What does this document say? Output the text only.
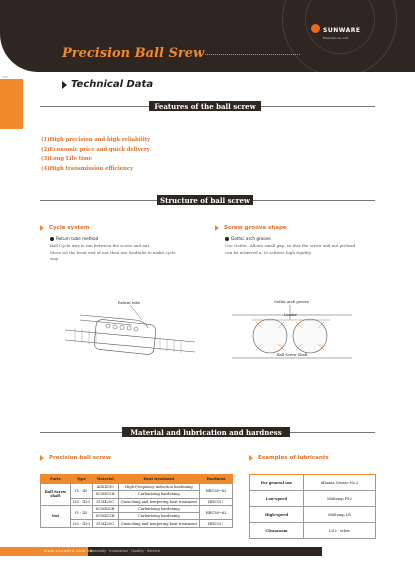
SUNWARE
Precision Co.,Ltd.
Precision Ball Srew
083
Technical Data
Features of the ball screw
(1)High precision and high reliability
(2)Economic price and quick delivery
(3)Long Life time
(4)High transmission efficiency
Structure of ball screw
Cycle system
Return tube method
Ball Cycle way is run between the screw and nut.
Move tol the front end of nut then use loadtube to make cycle
way.
Screw groove shape
Gothic arch groove
Use Gothic, Allows small gap, so that the screw and nut preload
can be achieved a, to achieve high rigidity.
Return tube	Gothic arch groove
Leader
Ball Screw Shaft
Material and lubrication and hardness
Precision ball screw	Examples of lubricants
Parts	Type	Material	Heat treatment	Hardness
Ball Screw shaft	I5 - II5	AISI4150	High-Frequency induction hardening	HRC58~62
		SCM415H	Carburizing hardening	
	I20 - II20	SUS420C	Quenching and tempering heat treatment	HRC55↑
Nut	I5 - II5	SCM420H	Carburizing hardening	HRC58~62
		SCM415H	Carburizing hardening	
	I20 - II20	SUS420C	Quenching and tempering heat treatment	HRC55↑
For general use	Albania Grease No.2
Low-speed	Multemp PS2
High-speed	Multemp LR
Cleanroom	LG2 - other
www.sunware.com.tw
Specialty · Innovation · Quality · Service
